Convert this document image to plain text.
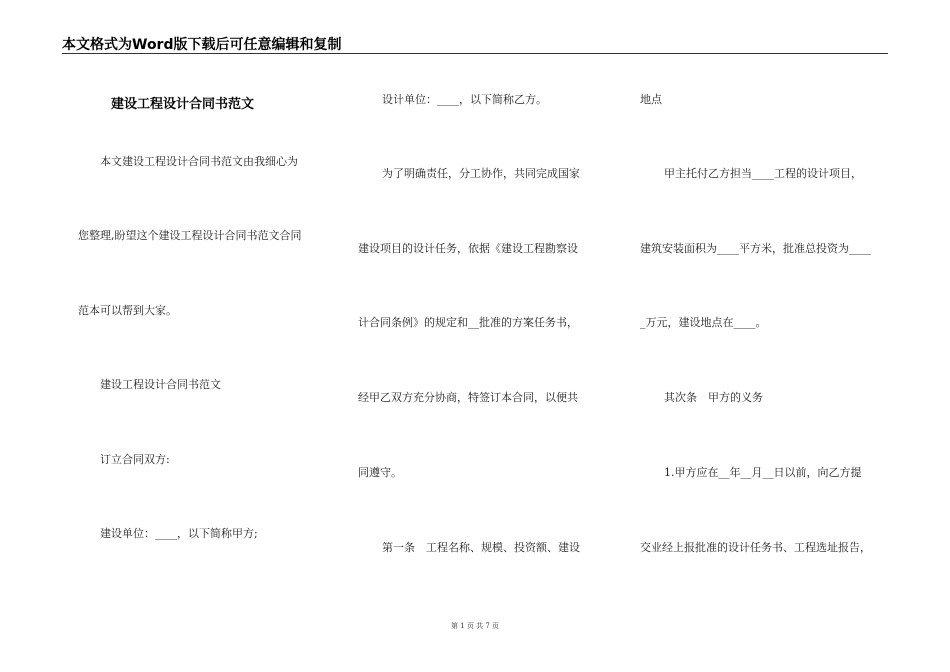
本文格式为Word版下载后可任意编辑和复制
建设工程设计合同书范文
本文建设工程设计合同书范文由我细心为
您整理,盼望这个建设工程设计合同书范文合同
范本可以帮到大家。
建设工程设计合同书范文
订立合同双方:
建设单位：____，以下简称甲方;
设计单位：____，以下简称乙方。
为了明确责任，分工协作，共同完成国家
建设项目的设计任务，依据《建设工程勘察设
计合同条例》的规定和__批准的方案任务书，
经甲乙双方充分协商，特签订本合同，以便共
同遵守。
第一条　工程名称、规模、投资额、建设
地点
甲主托付乙方担当____工程的设计项目，
建筑安装面积为____平方米，批准总投资为____
_万元，建设地点在____。
其次条　甲方的义务
1.甲方应在__年__月__日以前，向乙方提
交业经上报批准的设计任务书、工程选址报告，
第 1 页 共 7 页
